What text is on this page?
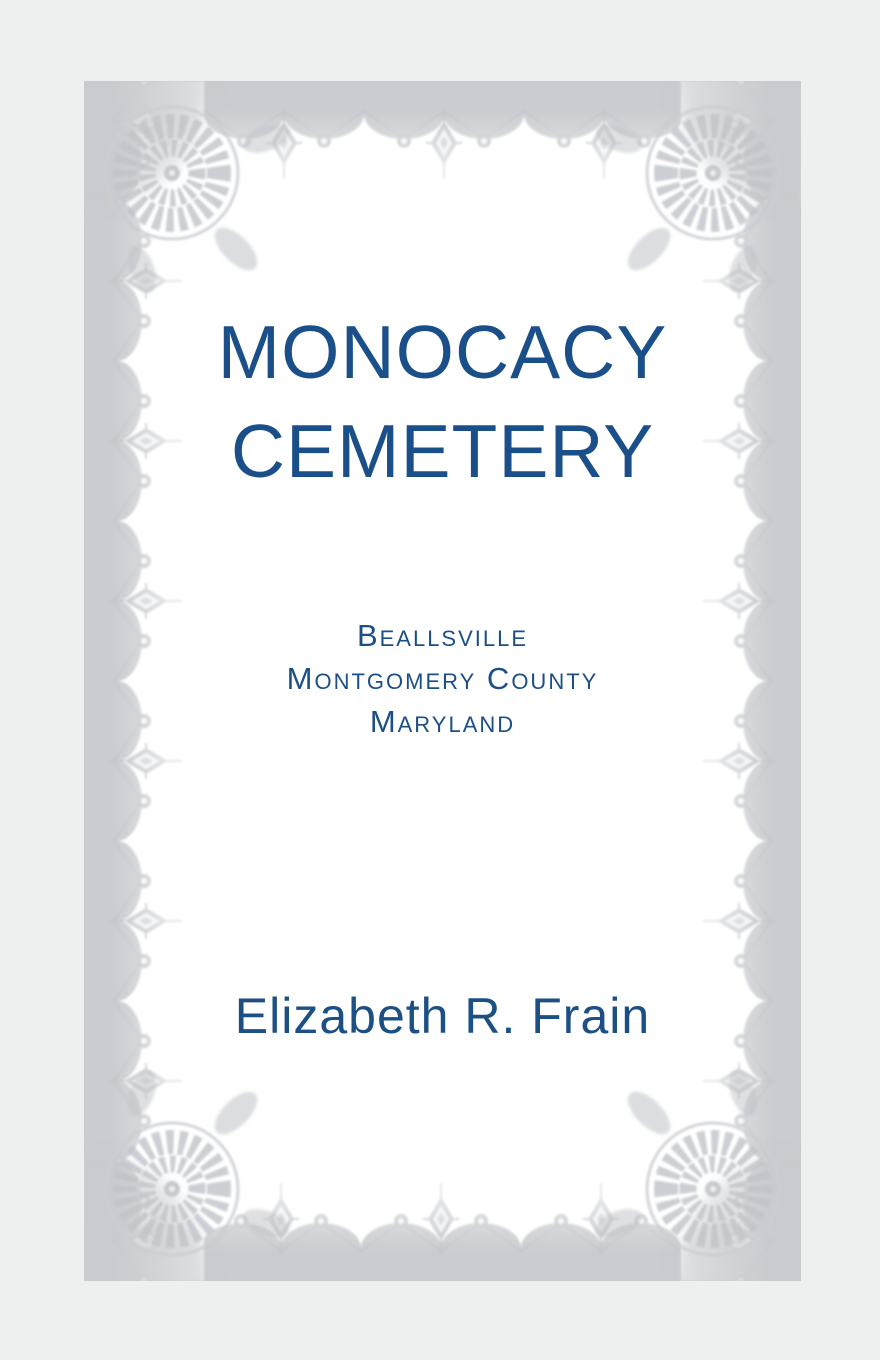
MONOCACY
CEMETERY
Beallsville
Montgomery County
Maryland
Elizabeth R. Frain
